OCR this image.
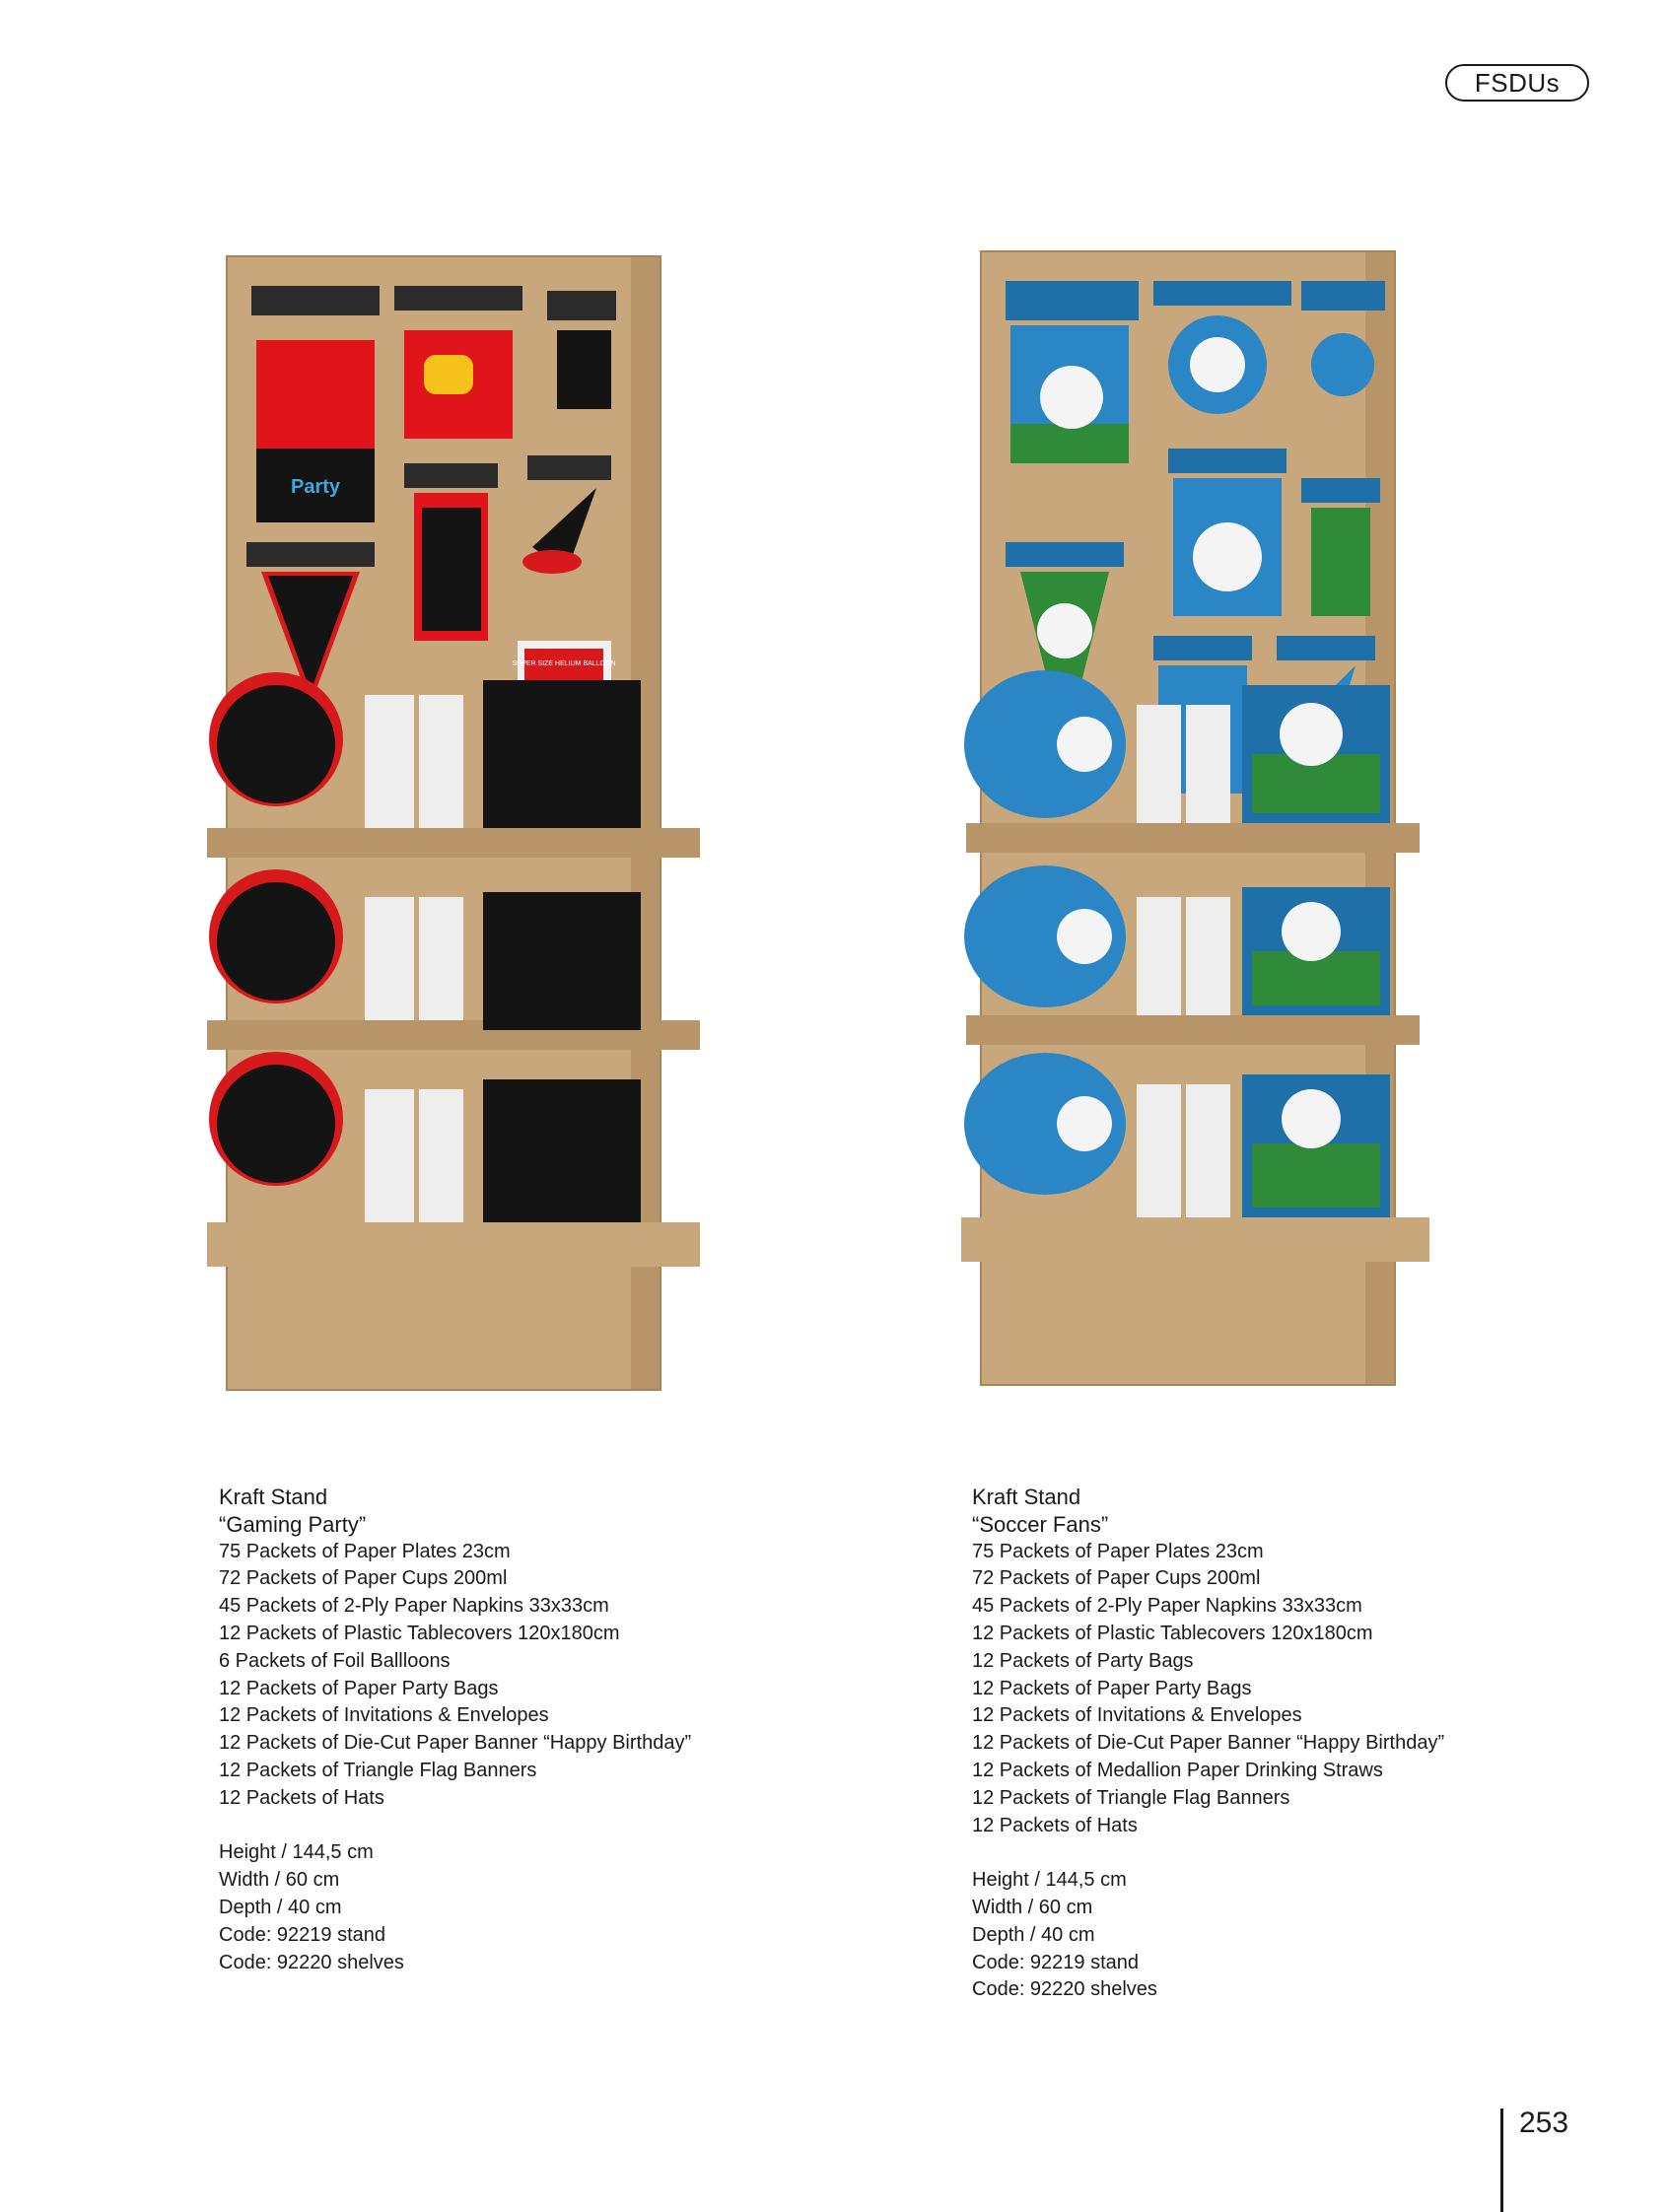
FSDUs
Party
SUPER SIZE HELIUM BALLOON
Kraft Stand
“Gaming Party”
75 Packets of Paper Plates 23cm
72 Packets of Paper Cups 200ml
45 Packets of 2-Ply Paper Napkins 33x33cm
12 Packets of Plastic Tablecovers 120x180cm
6 Packets of Foil Ballloons
12 Packets of Paper Party Bags
12 Packets of Invitations & Envelopes
12 Packets of Die-Cut Paper Banner “Happy Birthday”
12 Packets of Triangle Flag Banners
12 Packets of Hats
Height / 144,5 cm
Width / 60 cm
Depth / 40 cm
Code: 92219 stand
Code: 92220 shelves
Kraft Stand
“Soccer Fans”
75 Packets of Paper Plates 23cm
72 Packets of Paper Cups 200ml
45 Packets of 2-Ply Paper Napkins 33x33cm
12 Packets of Plastic Tablecovers 120x180cm
12 Packets of Party Bags
12 Packets of Paper Party Bags
12 Packets of Invitations & Envelopes
12 Packets of Die-Cut Paper Banner “Happy Birthday”
12 Packets of Medallion Paper Drinking Straws
12 Packets of Triangle Flag Banners
12 Packets of Hats
Height / 144,5 cm
Width / 60 cm
Depth / 40 cm
Code: 92219 stand
Code: 92220 shelves
253
